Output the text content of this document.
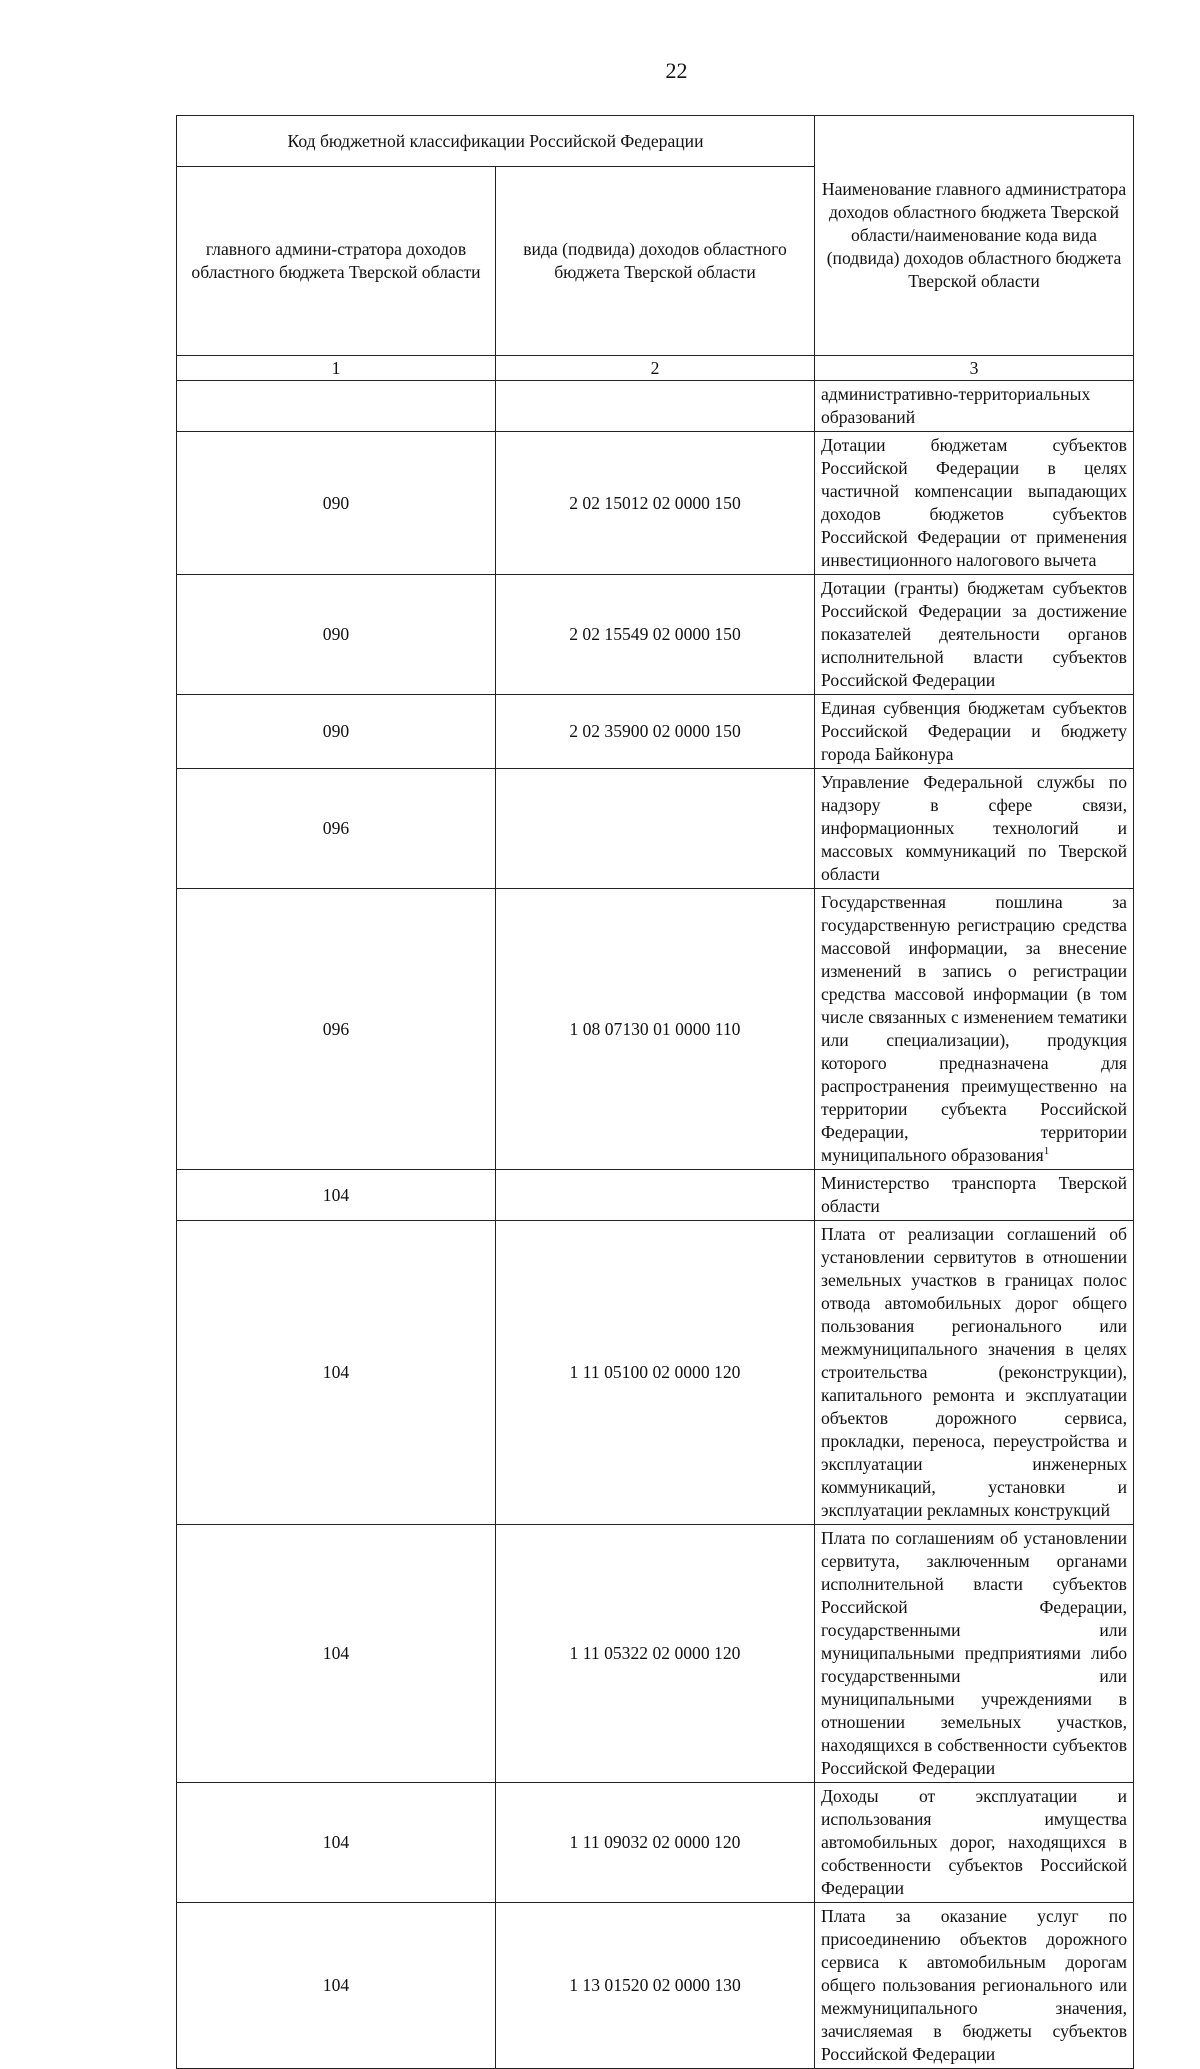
22
Код бюджетной классификации Российской Федерации		Наименование главного администратора доходов областного бюджета Тверской области/наименование кода вида (подвида) доходов областного бюджета Тверской области
главного админи-стратора доходов областного бюджета Тверской области	вида (подвида) доходов областного бюджета Тверской области	
1	2	3
		административно-территориальных образований
090	2 02 15012 02 0000 150	Дотации бюджетам субъектов Российской Федерации в целях частичной компенсации выпадающих доходов бюджетов субъектов Российской Федерации от применения инвестиционного налогового вычета
090	2 02 15549 02 0000 150	Дотации (гранты) бюджетам субъектов Российской Федерации за достижение показателей деятельности органов исполнительной власти субъектов Российской Федерации
090	2 02 35900 02 0000 150	Единая субвенция бюджетам субъектов Российской Федерации и бюджету города Байконура
096		Управление Федеральной службы по надзору в сфере связи, информационных технологий и массовых коммуникаций по Тверской области
096	1 08 07130 01 0000 110	Государственная пошлина за государственную регистрацию средства массовой информации, за внесение изменений в запись о регистрации средства массовой информации (в том числе связанных с изменением тематики или специализации), продукция которого предназначена для распространения преимущественно на территории субъекта Российской Федерации, территории муниципального образования$^1$
104		Министерство транспорта Тверской области
104	1 11 05100 02 0000 120	Плата от реализации соглашений об установлении сервитутов в отношении земельных участков в границах полос отвода автомобильных дорог общего пользования регионального или межмуниципального значения в целях строительства (реконструкции), капитального ремонта и эксплуатации объектов дорожного сервиса, прокладки, переноса, переустройства и эксплуатации инженерных коммуникаций, установки и эксплуатации рекламных конструкций
104	1 11 05322 02 0000 120	Плата по соглашениям об установлении сервитута, заключенным органами исполнительной власти субъектов Российской Федерации, государственными или муниципальными предприятиями либо государственными или муниципальными учреждениями в отношении земельных участков, находящихся в собственности субъектов Российской Федерации
104	1 11 09032 02 0000 120	Доходы от эксплуатации и использования имущества автомобильных дорог, находящихся в собственности субъектов Российской Федерации
104	1 13 01520 02 0000 130	Плата за оказание услуг по присоединению объектов дорожного сервиса к автомобильным дорогам общего пользования регионального или межмуниципального значения, зачисляемая в бюджеты субъектов Российской Федерации
